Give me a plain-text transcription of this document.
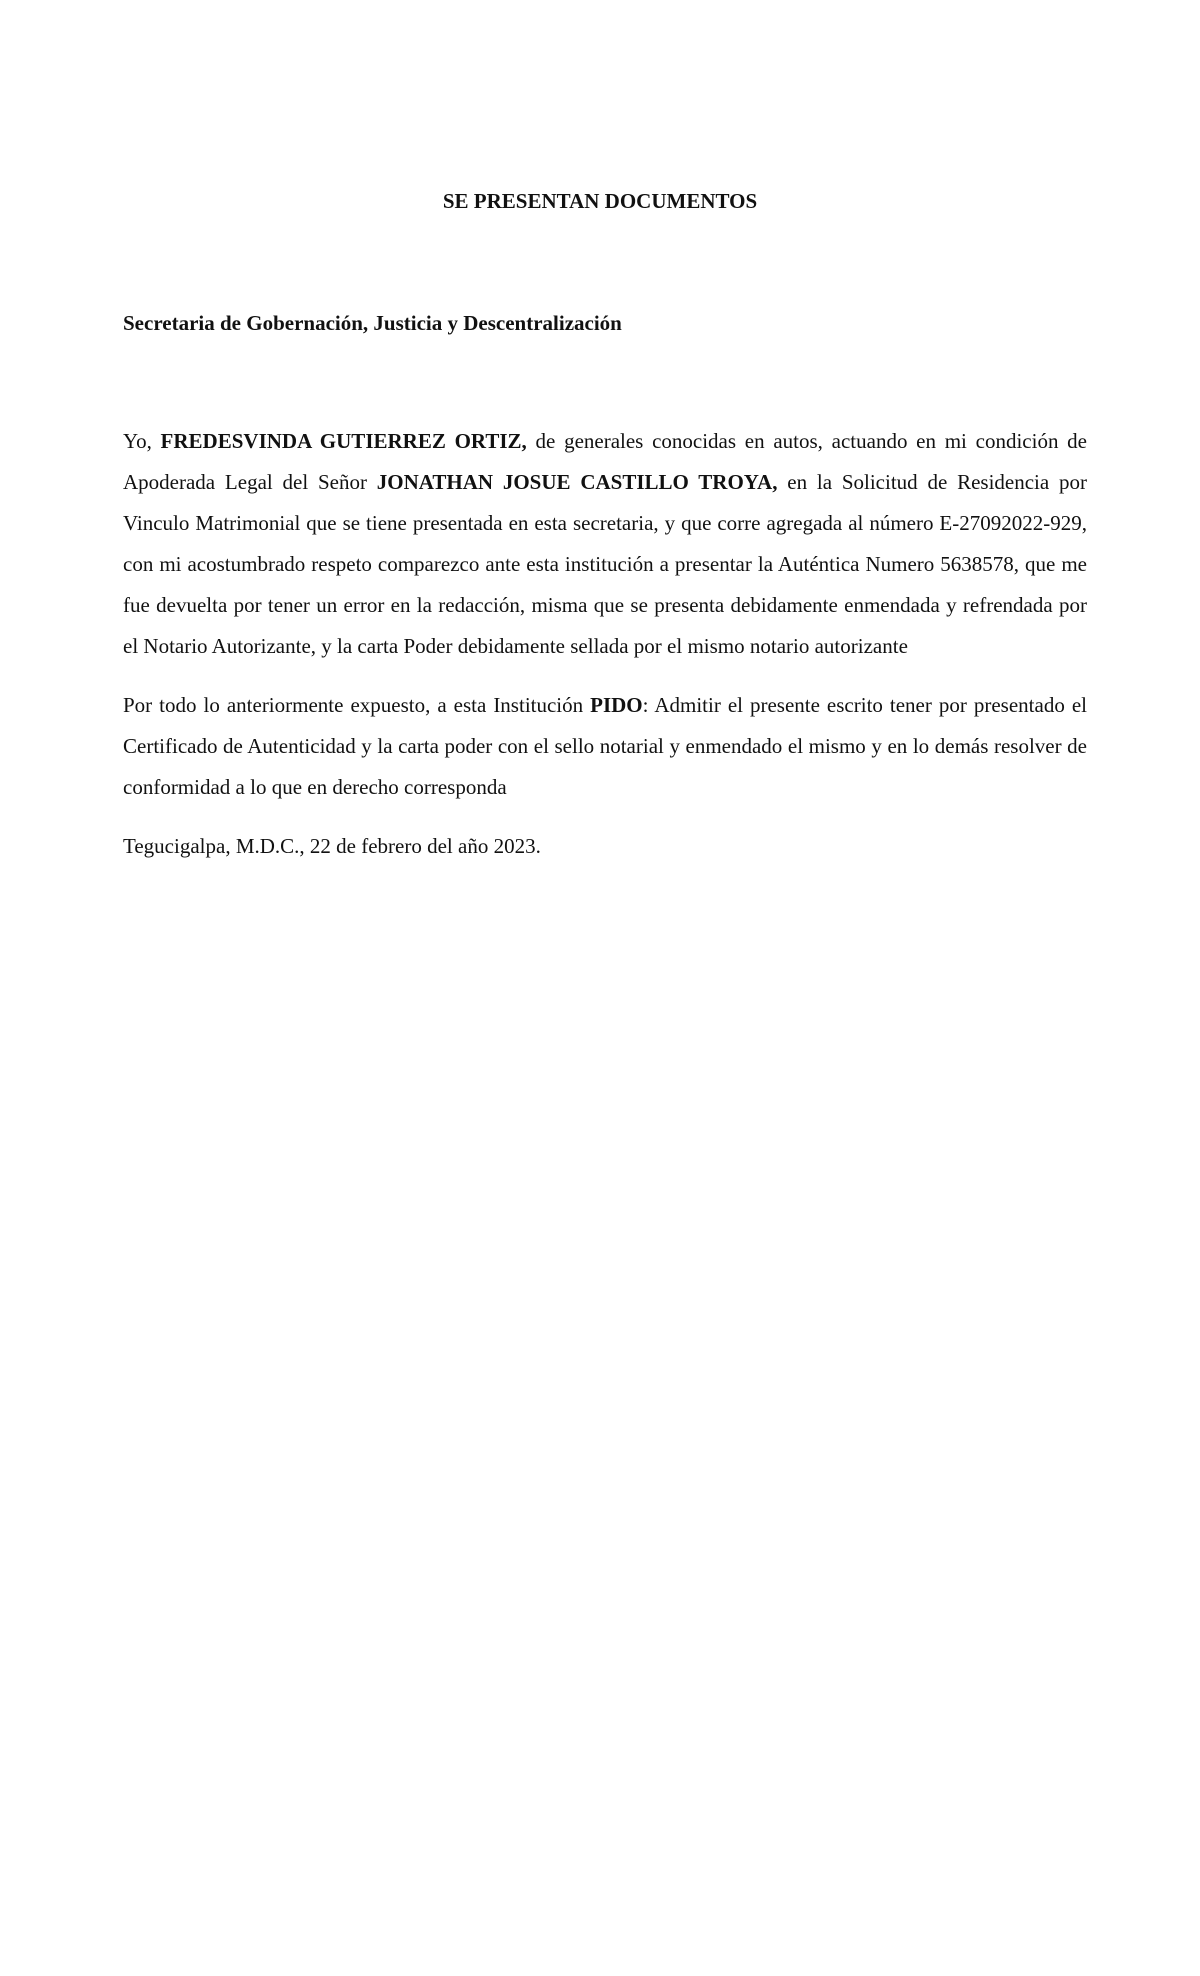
SE PRESENTAN DOCUMENTOS

Secretaria de Gobernación, Justicia y Descentralización

Yo, FREDESVINDA GUTIERREZ ORTIZ, de generales conocidas en autos, actuando en mi condición de Apoderada Legal del Señor JONATHAN JOSUE CASTILLO TROYA, en la Solicitud de Residencia por Vinculo Matrimonial que se tiene presentada en esta secretaria, y que corre agregada al número E-27092022-929, con mi acostumbrado respeto comparezco ante esta institución a presentar la Auténtica Numero 5638578, que me fue devuelta por tener un error en la redacción, misma que se presenta debidamente enmendada y refrendada por el Notario Autorizante, y la carta Poder debidamente sellada por el mismo notario autorizante

Por todo lo anteriormente expuesto, a esta Institución PIDO: Admitir el presente escrito tener por presentado el Certificado de Autenticidad y la carta poder con el sello notarial y enmendado el mismo y en lo demás resolver de conformidad a lo que en derecho corresponda

Tegucigalpa, M.D.C., 22 de febrero del año 2023.
